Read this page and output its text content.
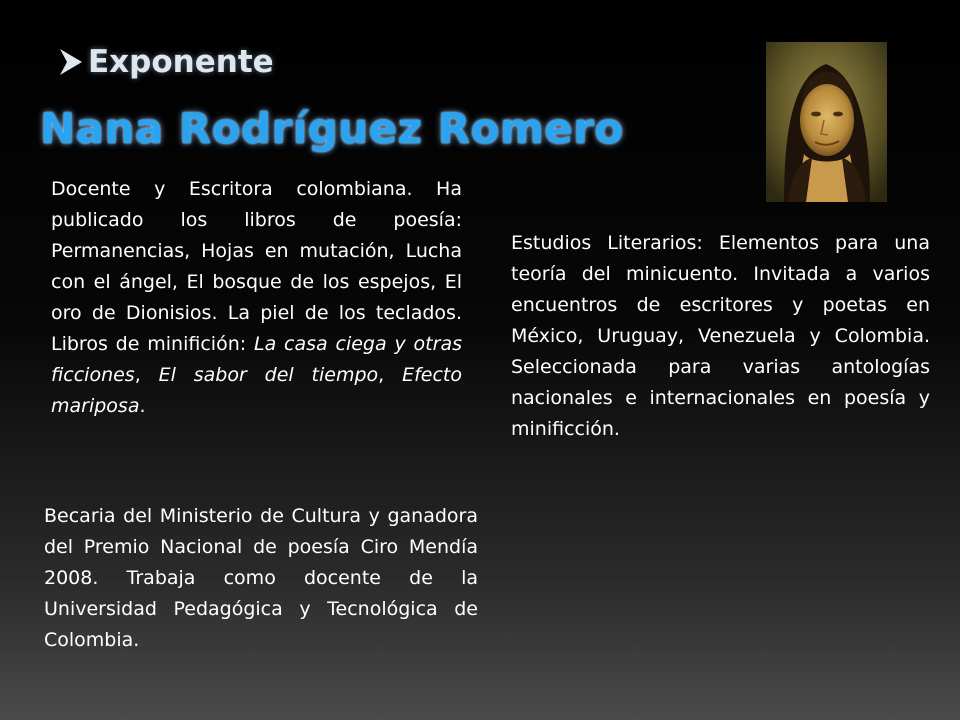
Exponente
Nana Rodríguez Romero
Docente y Escritora colombiana. Ha publicado los libros de poesía: Permanencias, Hojas en mutación, Lucha con el ángel, El bosque de los espejos, El oro de Dionisios. La piel de los teclados. Libros de minifición: La casa ciega y otras ficciones, El sabor del tiempo, Efecto mariposa.
Estudios Literarios: Elementos para una teoría del minicuento. Invitada a varios encuentros de escritores y poetas en México, Uruguay, Venezuela y Colombia. Seleccionada para varias antologías nacionales e internacionales en poesía y minificción.
Becaria del Ministerio de Cultura y ganadora del Premio Nacional de poesía Ciro Mendía 2008. Trabaja como docente de la Universidad Pedagógica y Tecnológica de Colombia.
